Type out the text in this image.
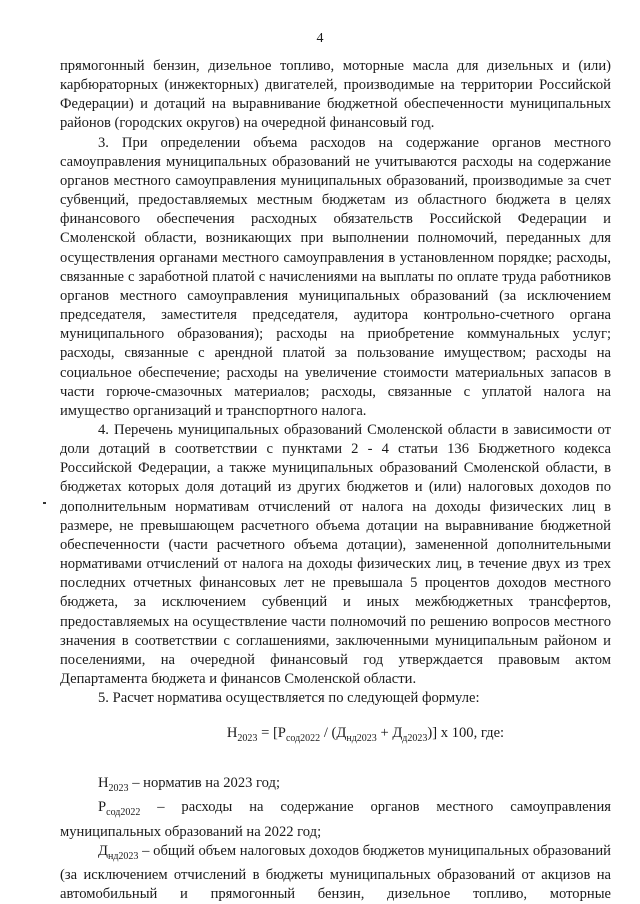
4

прямогонный бензин, дизельное топливо, моторные масла для дизельных и (или) карбюраторных (инжекторных) двигателей, производимые на территории Российской Федерации) и дотаций на выравнивание бюджетной обеспеченности муниципальных районов (городских округов) на очередной финансовый год.

3. При определении объема расходов на содержание органов местного самоуправления муниципальных образований не учитываются расходы на содержание органов местного самоуправления муниципальных образований, производимые за счет субвенций, предоставляемых местным бюджетам из областного бюджета в целях финансового обеспечения расходных обязательств Российской Федерации и Смоленской области, возникающих при выполнении полномочий, переданных для осуществления органами местного самоуправления в установленном порядке; расходы, связанные с заработной платой с начислениями на выплаты по оплате труда работников органов местного самоуправления муниципальных образований (за исключением председателя, заместителя председателя, аудитора контрольно-счетного органа муниципального образования); расходы на приобретение коммунальных услуг; расходы, связанные с арендной платой за пользование имуществом; расходы на социальное обеспечение; расходы на увеличение стоимости материальных запасов в части горюче-смазочных материалов; расходы, связанные с уплатой налога на имущество организаций и транспортного налога.

4. Перечень муниципальных образований Смоленской области в зависимости от доли дотаций в соответствии с пунктами 2 - 4 статьи 136 Бюджетного кодекса Российской Федерации, а также муниципальных образований Смоленской области, в бюджетах которых доля дотаций из других бюджетов и (или) налоговых доходов по дополнительным нормативам отчислений от налога на доходы физических лиц в размере, не превышающем расчетного объема дотации на выравнивание бюджетной обеспеченности (части расчетного объема дотации), замененной дополнительными нормативами отчислений от налога на доходы физических лиц, в течение двух из трех последних отчетных финансовых лет не превышала 5 процентов доходов местного бюджета, за исключением субвенций и иных межбюджетных трансфертов, предоставляемых на осуществление части полномочий по решению вопросов местного значения в соответствии с соглашениями, заключенными муниципальным районом и поселениями, на очередной финансовый год утверждается правовым актом Департамента бюджета и финансов Смоленской области.

5. Расчет норматива осуществляется по следующей формуле:

$Н_{2023} = [Р_{сод2022} / (Д_{нд2023} + Д_{д2023})]$ x 100, где:

$Н_{2023}$ – норматив на 2023 год;

$Р_{сод2022}$ – расходы на содержание органов местного самоуправления муниципальных образований на 2022 год;

$Д_{нд2023}$ – общий объем налоговых доходов бюджетов муниципальных образований (за исключением отчислений в бюджеты муниципальных образований от акцизов на автомобильный и прямогонный бензин, дизельное топливо, моторные
